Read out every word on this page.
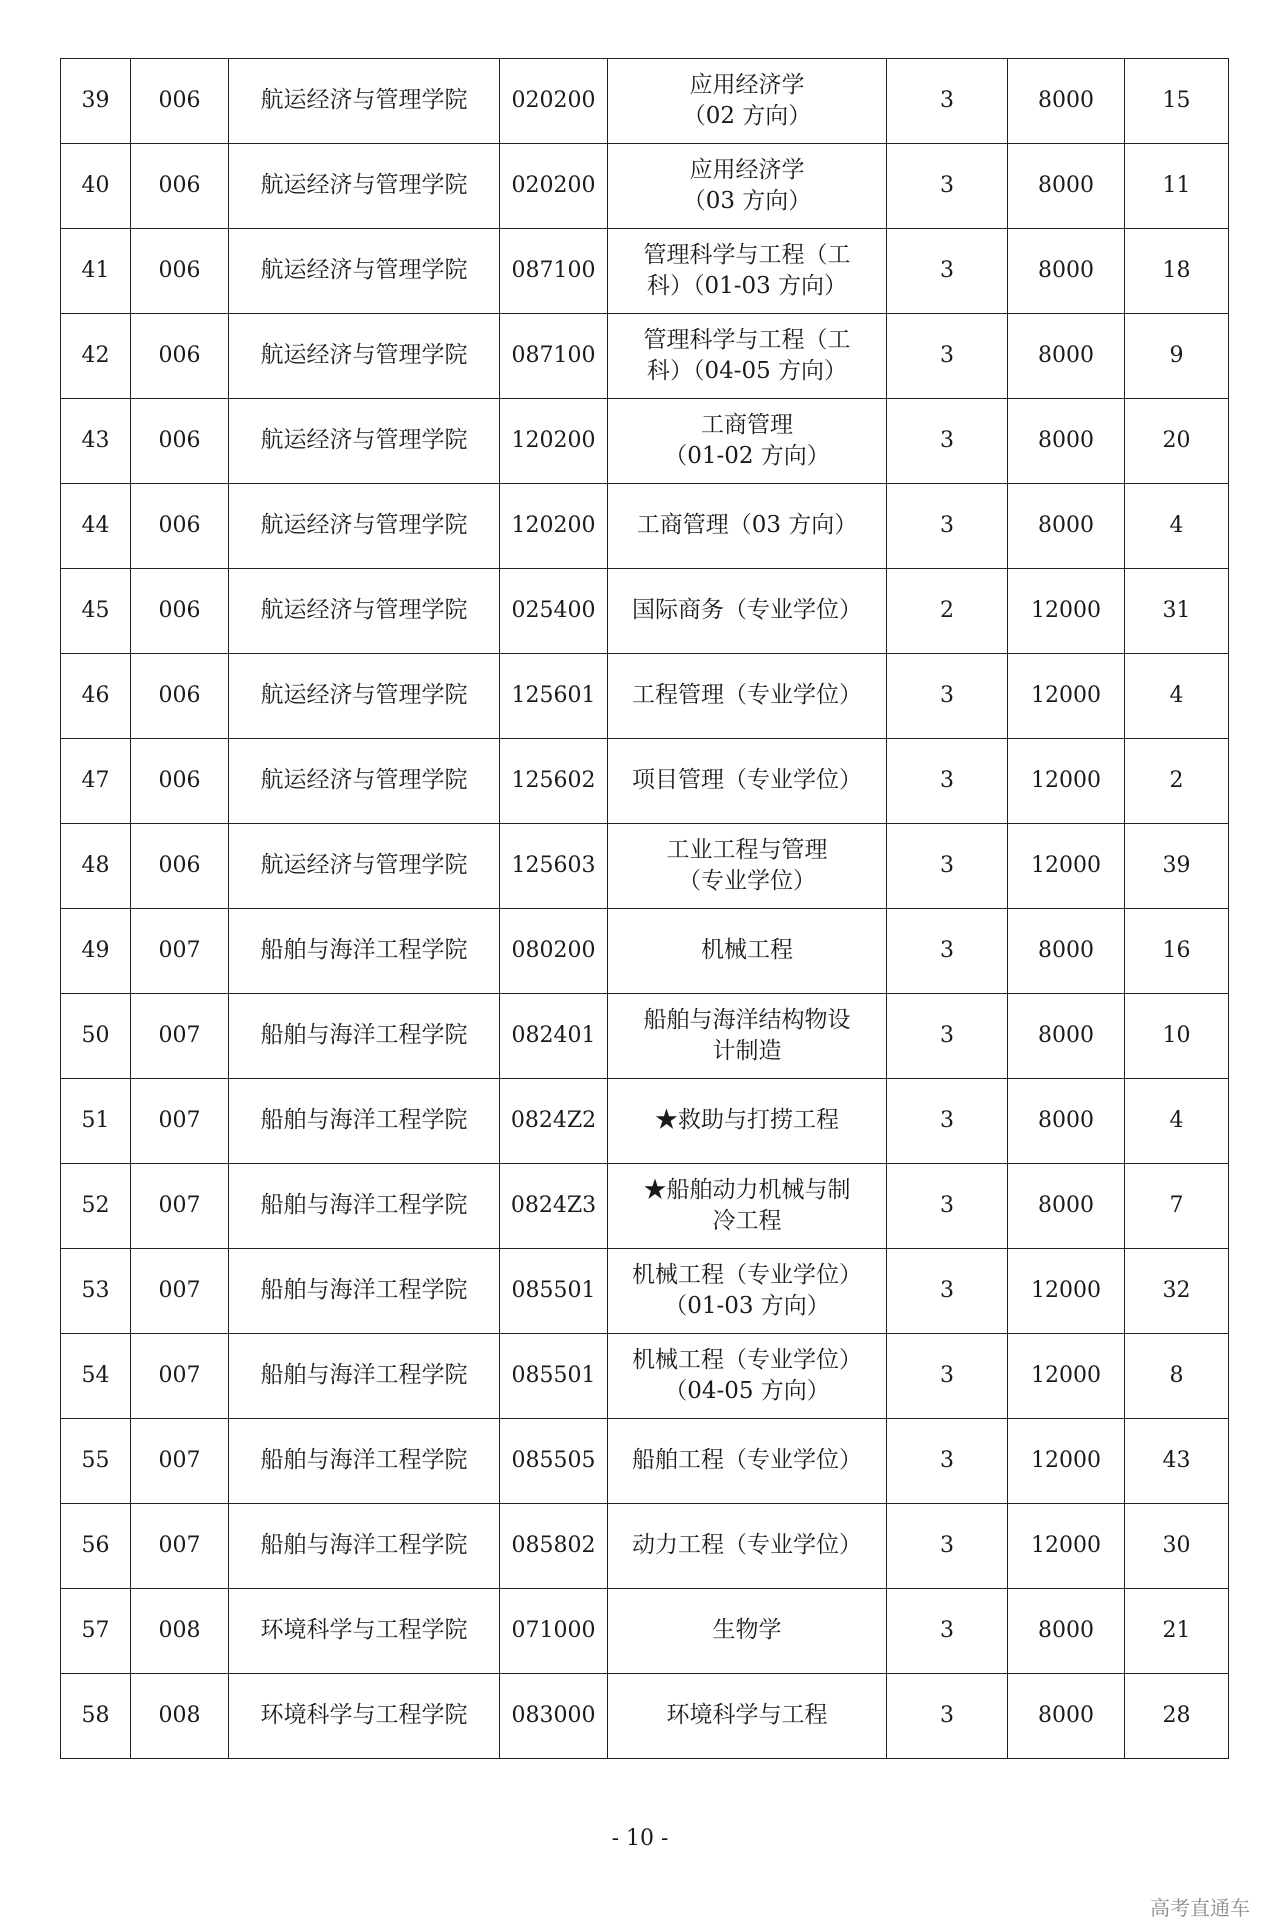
39	006	航运经济与管理学院	020200	应用经济学
（02 方向）	3	8000	15
40	006	航运经济与管理学院	020200	应用经济学
（03 方向）	3	8000	11
41	006	航运经济与管理学院	087100	管理科学与工程（工
科）（01-03 方向）	3	8000	18
42	006	航运经济与管理学院	087100	管理科学与工程（工
科）（04-05 方向）	3	8000	9
43	006	航运经济与管理学院	120200	工商管理
（01-02 方向）	3	8000	20
44	006	航运经济与管理学院	120200	工商管理（03 方向）	3	8000	4
45	006	航运经济与管理学院	025400	国际商务（专业学位）	2	12000	31
46	006	航运经济与管理学院	125601	工程管理（专业学位）	3	12000	4
47	006	航运经济与管理学院	125602	项目管理（专业学位）	3	12000	2
48	006	航运经济与管理学院	125603	工业工程与管理
（专业学位）	3	12000	39
49	007	船舶与海洋工程学院	080200	机械工程	3	8000	16
50	007	船舶与海洋工程学院	082401	船舶与海洋结构物设
计制造	3	8000	10
51	007	船舶与海洋工程学院	0824Z2	★救助与打捞工程	3	8000	4
52	007	船舶与海洋工程学院	0824Z3	★船舶动力机械与制
冷工程	3	8000	7
53	007	船舶与海洋工程学院	085501	机械工程（专业学位）
（01-03 方向）	3	12000	32
54	007	船舶与海洋工程学院	085501	机械工程（专业学位）
（04-05 方向）	3	12000	8
55	007	船舶与海洋工程学院	085505	船舶工程（专业学位）	3	12000	43
56	007	船舶与海洋工程学院	085802	动力工程（专业学位）	3	12000	30
57	008	环境科学与工程学院	071000	生物学	3	8000	21
58	008	环境科学与工程学院	083000	环境科学与工程	3	8000	28
- 10 -
高考直通车
